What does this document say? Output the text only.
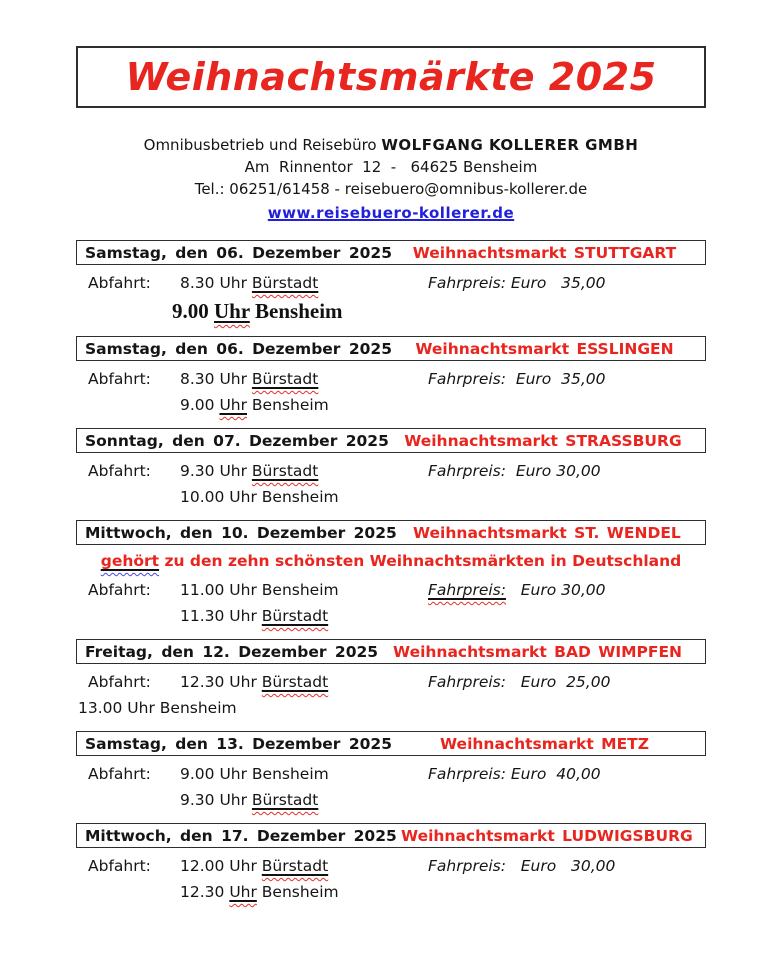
Weihnachtsmärkte 2025
Omnibusbetrieb und Reisebüro WOLFGANG KOLLERER GMBH
Am  Rinnentor  12  -   64625 Bensheim
Tel.: 06251/61458 - reisebuero@omnibus-kollerer.de
www.reisebuero-kollerer.de
Samstag, den 06. Dezember 2025	Weihnachtsmarkt STUTTGART
Abfahrt: 8.30 Uhr Bürstadt	Fahrpreis: Euro   35,00
9.00 Uhr Bensheim
Samstag, den 06. Dezember 2025	Weihnachtsmarkt ESSLINGEN
Abfahrt: 8.30 Uhr Bürstadt	Fahrpreis:  Euro  35,00
9.00 Uhr Bensheim
Sonntag, den 07. Dezember 2025 Weihnachtsmarkt STRASSBURG
Abfahrt: 9.30 Uhr Bürstadt	Fahrpreis:  Euro 30,00
10.00 Uhr Bensheim
Mittwoch, den 10. Dezember 2025	Weihnachtsmarkt ST. WENDEL
gehört zu den zehn schönsten Weihnachtsmärkten in Deutschland
Abfahrt: 11.00 Uhr Bensheim	Fahrpreis:   Euro 30,00
11.30 Uhr Bürstadt
Freitag, den 12. Dezember 2025 Weihnachtsmarkt BAD WIMPFEN
Abfahrt: 12.30 Uhr Bürstadt	Fahrpreis:   Euro  25,00
13.00 Uhr Bensheim
Samstag, den 13. Dezember 2025	Weihnachtsmarkt METZ
Abfahrt: 9.00 Uhr Bensheim	Fahrpreis: Euro  40,00
9.30 Uhr Bürstadt
Mittwoch, den 17. Dezember 2025 Weihnachtsmarkt LUDWIGSBURG
Abfahrt: 12.00 Uhr Bürstadt	Fahrpreis:   Euro   30,00
12.30 Uhr Bensheim
